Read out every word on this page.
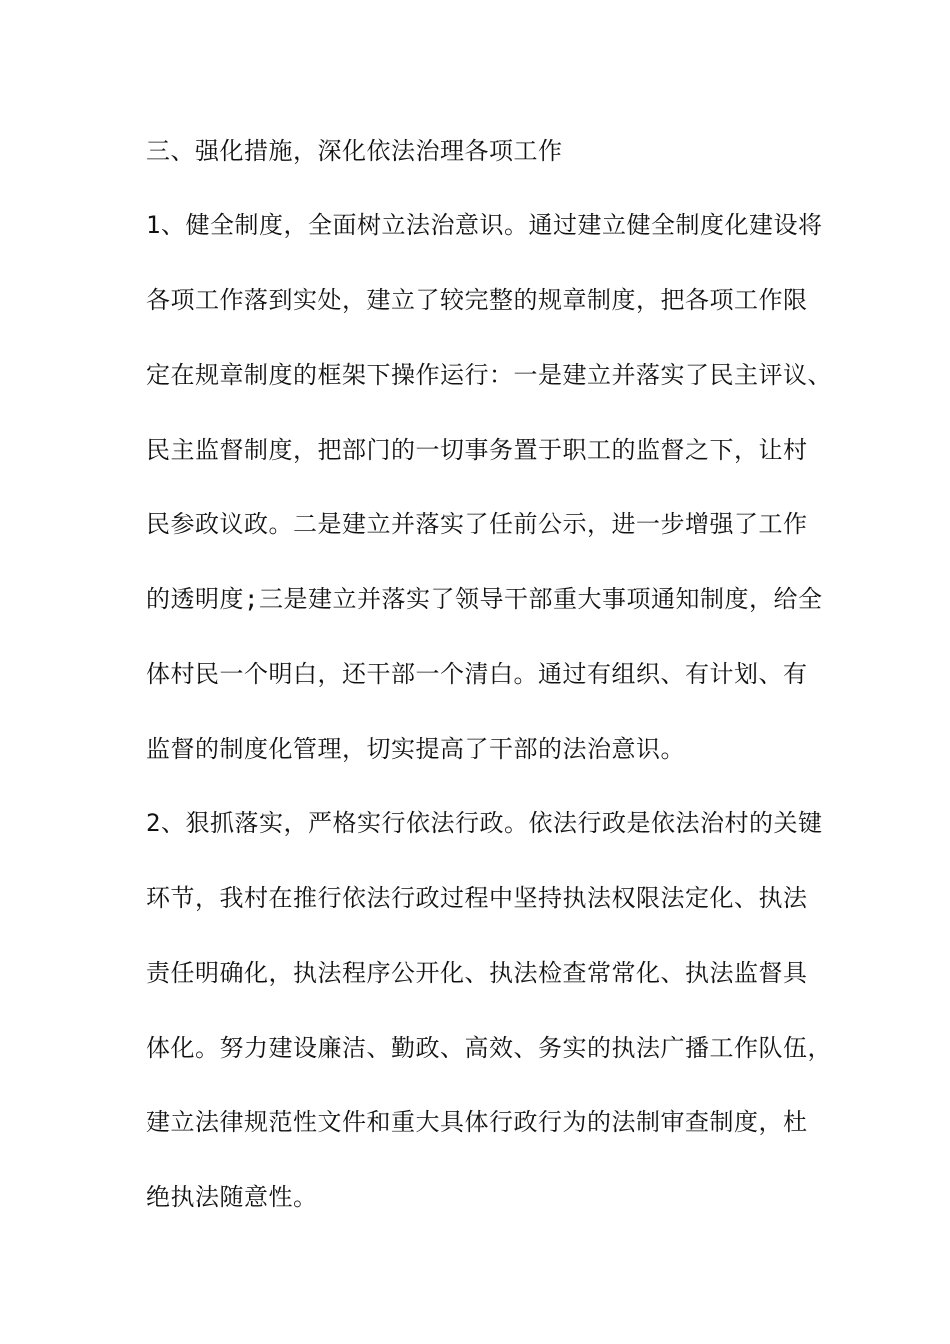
三、强化措施，深化依法治理各项工作
1、健全制度，全面树立法治意识。通过建立健全制度化建设将
各项工作落到实处，建立了较完整的规章制度，把各项工作限
定在规章制度的框架下操作运行：一是建立并落实了民主评议、
民主监督制度，把部门的一切事务置于职工的监督之下，让村
民参政议政。二是建立并落实了任前公示，进一步增强了工作
的透明度;三是建立并落实了领导干部重大事项通知制度，给全
体村民一个明白，还干部一个清白。通过有组织、有计划、有
监督的制度化管理，切实提高了干部的法治意识。
2、狠抓落实，严格实行依法行政。依法行政是依法治村的关键
环节，我村在推行依法行政过程中坚持执法权限法定化、执法
责任明确化，执法程序公开化、执法检查常常化、执法监督具
体化。努力建设廉洁、勤政、高效、务实的执法广播工作队伍，
建立法律规范性文件和重大具体行政行为的法制审查制度，杜
绝执法随意性。
